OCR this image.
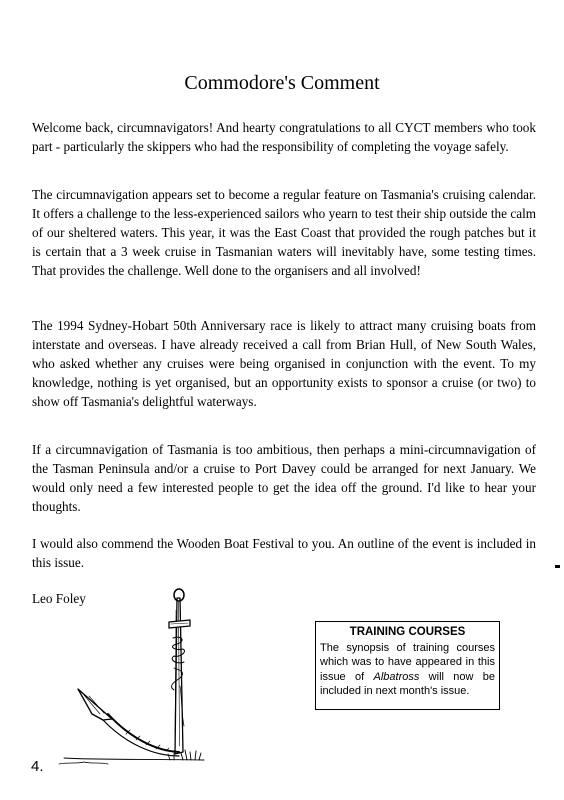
Commodore's Comment

Welcome back, circumnavigators! And hearty congratulations to all CYCT members who took part - particularly the skippers who had the responsibility of completing the voyage safely.

The circumnavigation appears set to become a regular feature on Tasmania's cruising calendar. It offers a challenge to the less-experienced sailors who yearn to test their ship outside the calm of our sheltered waters. This year, it was the East Coast that provided the rough patches but it is certain that a 3 week cruise in Tasmanian waters will inevitably have, some testing times. That provides the challenge. Well done to the organisers and all involved!

The 1994 Sydney-Hobart 50th Anniversary race is likely to attract many cruising boats from interstate and overseas. I have already received a call from Brian Hull, of New South Wales, who asked whether any cruises were being organised in conjunction with the event. To my knowledge, nothing is yet organised, but an opportunity exists to sponsor a cruise (or two) to show off Tasmania's delightful waterways.

If a circumnavigation of Tasmania is too ambitious, then perhaps a mini-circumnavigation of the Tasman Peninsula and/or a cruise to Port Davey could be arranged for next January. We would only need a few interested people to get the idea off the ground. I'd like to hear your thoughts.

I would also commend the Wooden Boat Festival to you. An outline of the event is included in this issue.

Leo Foley
TRAINING COURSES
The synopsis of training courses which was to have appeared in this issue of Albatross will now be included in next month's issue.
4.
